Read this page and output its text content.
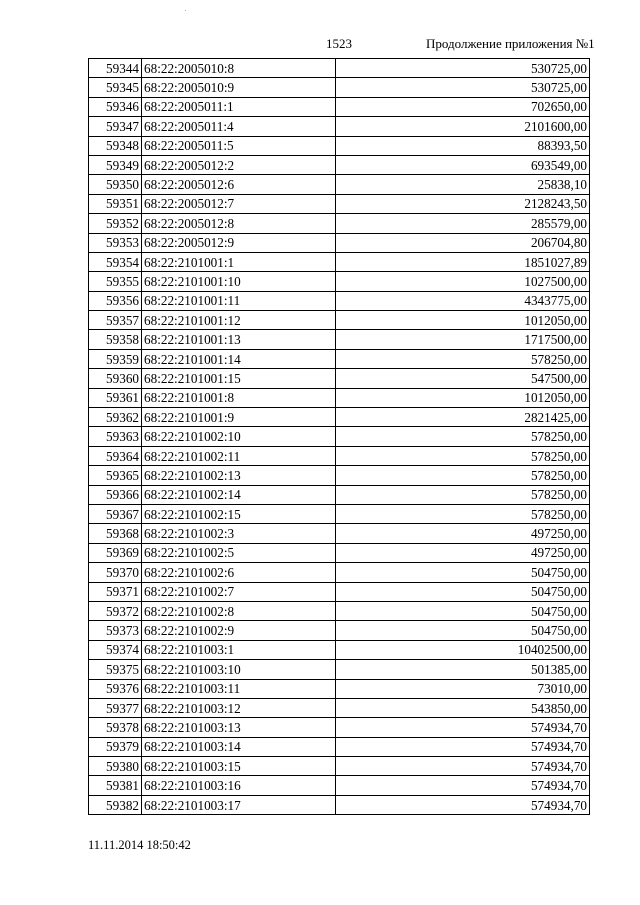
1523	Продолжение приложения №1
59344	68:22:2005010:8	530725,00
59345	68:22:2005010:9	530725,00
59346	68:22:2005011:1	702650,00
59347	68:22:2005011:4	2101600,00
59348	68:22:2005011:5	88393,50
59349	68:22:2005012:2	693549,00
59350	68:22:2005012:6	25838,10
59351	68:22:2005012:7	2128243,50
59352	68:22:2005012:8	285579,00
59353	68:22:2005012:9	206704,80
59354	68:22:2101001:1	1851027,89
59355	68:22:2101001:10	1027500,00
59356	68:22:2101001:11	4343775,00
59357	68:22:2101001:12	1012050,00
59358	68:22:2101001:13	1717500,00
59359	68:22:2101001:14	578250,00
59360	68:22:2101001:15	547500,00
59361	68:22:2101001:8	1012050,00
59362	68:22:2101001:9	2821425,00
59363	68:22:2101002:10	578250,00
59364	68:22:2101002:11	578250,00
59365	68:22:2101002:13	578250,00
59366	68:22:2101002:14	578250,00
59367	68:22:2101002:15	578250,00
59368	68:22:2101002:3	497250,00
59369	68:22:2101002:5	497250,00
59370	68:22:2101002:6	504750,00
59371	68:22:2101002:7	504750,00
59372	68:22:2101002:8	504750,00
59373	68:22:2101002:9	504750,00
59374	68:22:2101003:1	10402500,00
59375	68:22:2101003:10	501385,00
59376	68:22:2101003:11	73010,00
59377	68:22:2101003:12	543850,00
59378	68:22:2101003:13	574934,70
59379	68:22:2101003:14	574934,70
59380	68:22:2101003:15	574934,70
59381	68:22:2101003:16	574934,70
59382	68:22:2101003:17	574934,70
11.11.2014 18:50:42
